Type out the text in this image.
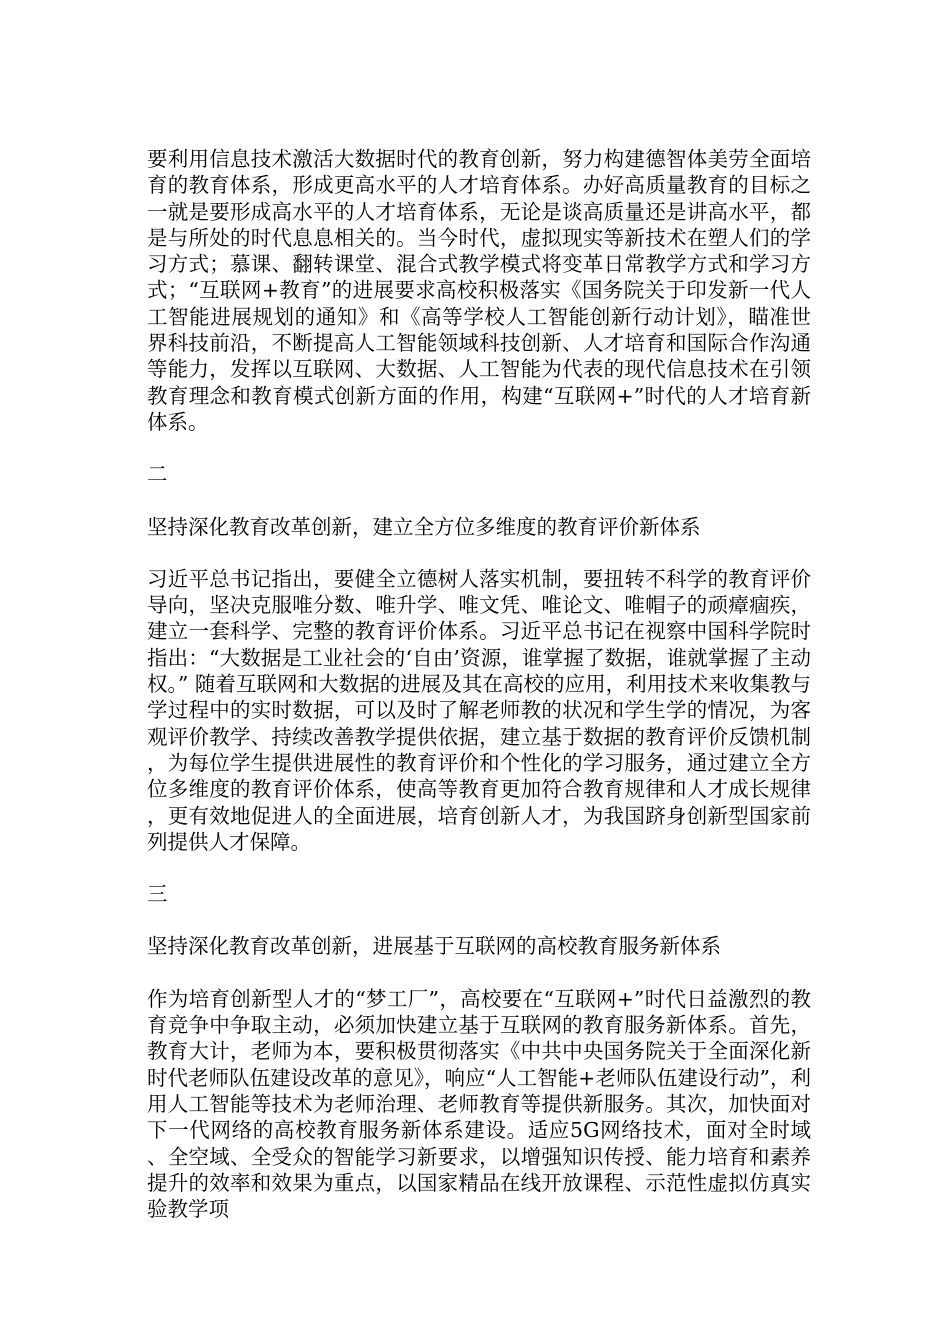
要利用信息技术激活大数据时代的教育创新，努力构建德智体美劳全面培育的教育体系，形成更高水平的人才培育体系。办好高质量教育的目标之一就是要形成高水平的人才培育体系，无论是谈高质量还是讲高水平，都是与所处的时代息息相关的。当今时代，虚拟现实等新技术在塑人们的学习方式；慕课、翻转课堂、混合式教学模式将变革日常教学方式和学习方式；“互联网+教育”的进展要求高校积极落实《国务院关于印发新一代人工智能进展规划的通知》和《高等学校人工智能创新行动计划》，瞄准世界科技前沿，不断提高人工智能领域科技创新、人才培育和国际合作沟通等能力，发挥以互联网、大数据、人工智能为代表的现代信息技术在引领教育理念和教育模式创新方面的作用，构建“互联网+”时代的人才培育新体系。

二

坚持深化教育改革创新，建立全方位多维度的教育评价新体系

习近平总书记指出，要健全立德树人落实机制，要扭转不科学的教育评价导向，坚决克服唯分数、唯升学、唯文凭、唯论文、唯帽子的顽瘴痼疾，建立一套科学、完整的教育评价体系。习近平总书记在视察中国科学院时指出：“大数据是工业社会的‘自由’资源，谁掌握了数据，谁就掌握了主动权。” 随着互联网和大数据的进展及其在高校的应用，利用技术来收集教与学过程中的实时数据，可以及时了解老师教的状况和学生学的情况，为客观评价教学、持续改善教学提供依据，建立基于数据的教育评价反馈机制，为每位学生提供进展性的教育评价和个性化的学习服务，通过建立全方位多维度的教育评价体系，使高等教育更加符合教育规律和人才成长规律，更有效地促进人的全面进展，培育创新人才，为我国跻身创新型国家前列提供人才保障。

三

坚持深化教育改革创新，进展基于互联网的高校教育服务新体系

作为培育创新型人才的“梦工厂”，高校要在“互联网+”时代日益激烈的教育竞争中争取主动，必须加快建立基于互联网的教育服务新体系。首先，教育大计，老师为本，要积极贯彻落实《中共中央国务院关于全面深化新时代老师队伍建设改革的意见》，响应“人工智能+老师队伍建设行动”，利用人工智能等技术为老师治理、老师教育等提供新服务。其次，加快面对下一代网络的高校教育服务新体系建设。适应5G网络技术，面对全时域、全空域、全受众的智能学习新要求，以增强知识传授、能力培育和素养提升的效率和效果为重点，以国家精品在线开放课程、示范性虚拟仿真实验教学项
